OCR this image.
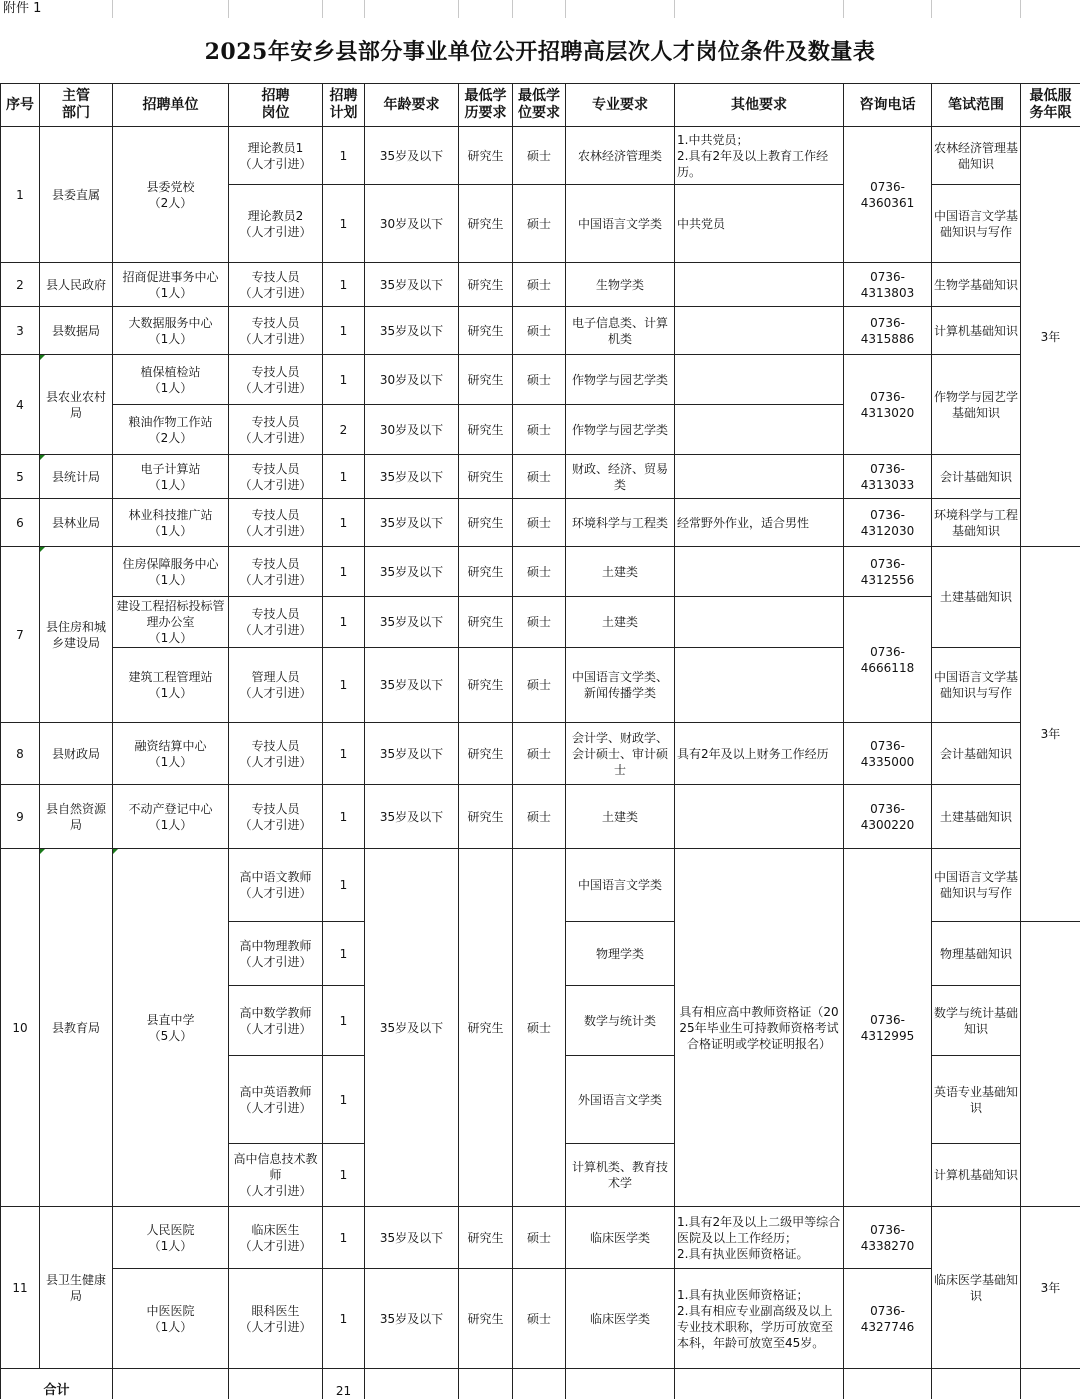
附件 1
2025年安乡县部分事业单位公开招聘高层次人才岗位条件及数量表
序号	主管
部门	招聘单位	招聘
岗位	招聘
计划	年龄要求	最低学
历要求	最低学
位要求	专业要求	其他要求	咨询电话	笔试范围	最低服
务年限
1	县委直属	县委党校
（2人）	理论教员1
（人才引进）	1	35岁及以下	研究生	硕士	农林经济管理类	1.中共党员；
2.具有2年及以上教育工作经历。	0736-
4360361	农林经济管理基础知识	3年
			理论教员2
（人才引进）	1	30岁及以下	研究生	硕士	中国语言文学类	中共党员		中国语言文学基础知识与写作	
2	县人民政府	招商促进事务中心
（1人）	专技人员
（人才引进）	1	35岁及以下	研究生	硕士	生物学类		0736-
4313803	生物学基础知识	
3	县数据局	大数据服务中心
（1人）	专技人员
（人才引进）	1	35岁及以下	研究生	硕士	电子信息类、计算机类		0736-
4315886	计算机基础知识	
4	县农业农村局	植保植检站
（1人）	专技人员
（人才引进）	1	30岁及以下	研究生	硕士	作物学与园艺学类		0736-
4313020	作物学与园艺学基础知识	
		粮油作物工作站
（2人）	专技人员
（人才引进）	2	30岁及以下	研究生	硕士	作物学与园艺学类				
5	县统计局	电子计算站
（1人）	专技人员
（人才引进）	1	35岁及以下	研究生	硕士	财政、经济、贸易类		0736-
4313033	会计基础知识	
6	县林业局	林业科技推广站
（1人）	专技人员
（人才引进）	1	35岁及以下	研究生	硕士	环境科学与工程类	经常野外作业，适合男性	0736-
4312030	环境科学与工程基础知识	
7	县住房和城乡建设局	住房保障服务中心
（1人）	专技人员
（人才引进）	1	35岁及以下	研究生	硕士	土建类		0736-
4312556	土建基础知识	3年
		建设工程招标投标管理办公室
（1人）	专技人员
（人才引进）	1	35岁及以下	研究生	硕士	土建类		0736-
4666118		
		建筑工程管理站
（1人）	管理人员
（人才引进）	1	35岁及以下	研究生	硕士	中国语言文学类、新闻传播学类			中国语言文学基础知识与写作	
8	县财政局	融资结算中心
（1人）	专技人员
（人才引进）	1	35岁及以下	研究生	硕士	会计学、财政学、会计硕士、审计硕士	具有2年及以上财务工作经历	0736-
4335000	会计基础知识	
9	县自然资源局	不动产登记中心
（1人）	专技人员
（人才引进）	1	35岁及以下	研究生	硕士	土建类		0736-
4300220	土建基础知识	
10	县教育局	县直中学
（5人）	高中语文教师
（人才引进）	1	35岁及以下	研究生	硕士	中国语言文学类	具有相应高中教师资格证（2025年毕业生可持教师资格考试合格证明或学校证明报名）	0736-
4312995	中国语言文学基础知识与写作	
			高中物理教师
（人才引进）	1				物理学类			物理基础知识	
			高中数学教师
（人才引进）	1				数学与统计类			数学与统计基础知识	
			高中英语教师
（人才引进）	1				外国语言文学类			英语专业基础知识	
			高中信息技术教师
（人才引进）	1				计算机类、教育技术学			计算机基础知识	
11	县卫生健康局	人民医院
（1人）	临床医生
（人才引进）	1	35岁及以下	研究生	硕士	临床医学类	1.具有2年及以上二级甲等综合医院及以上工作经历；
2.具有执业医师资格证。	0736-
4338270	临床医学基础知识	3年
		中医医院
（1人）	眼科医生
（人才引进）	1	35岁及以下	研究生	硕士	临床医学类	1.具有执业医师资格证；
2.具有相应专业副高级及以上专业技术职称，学历可放宽至本科，年龄可放宽至45岁。	0736-
4327746		
合计				21								
